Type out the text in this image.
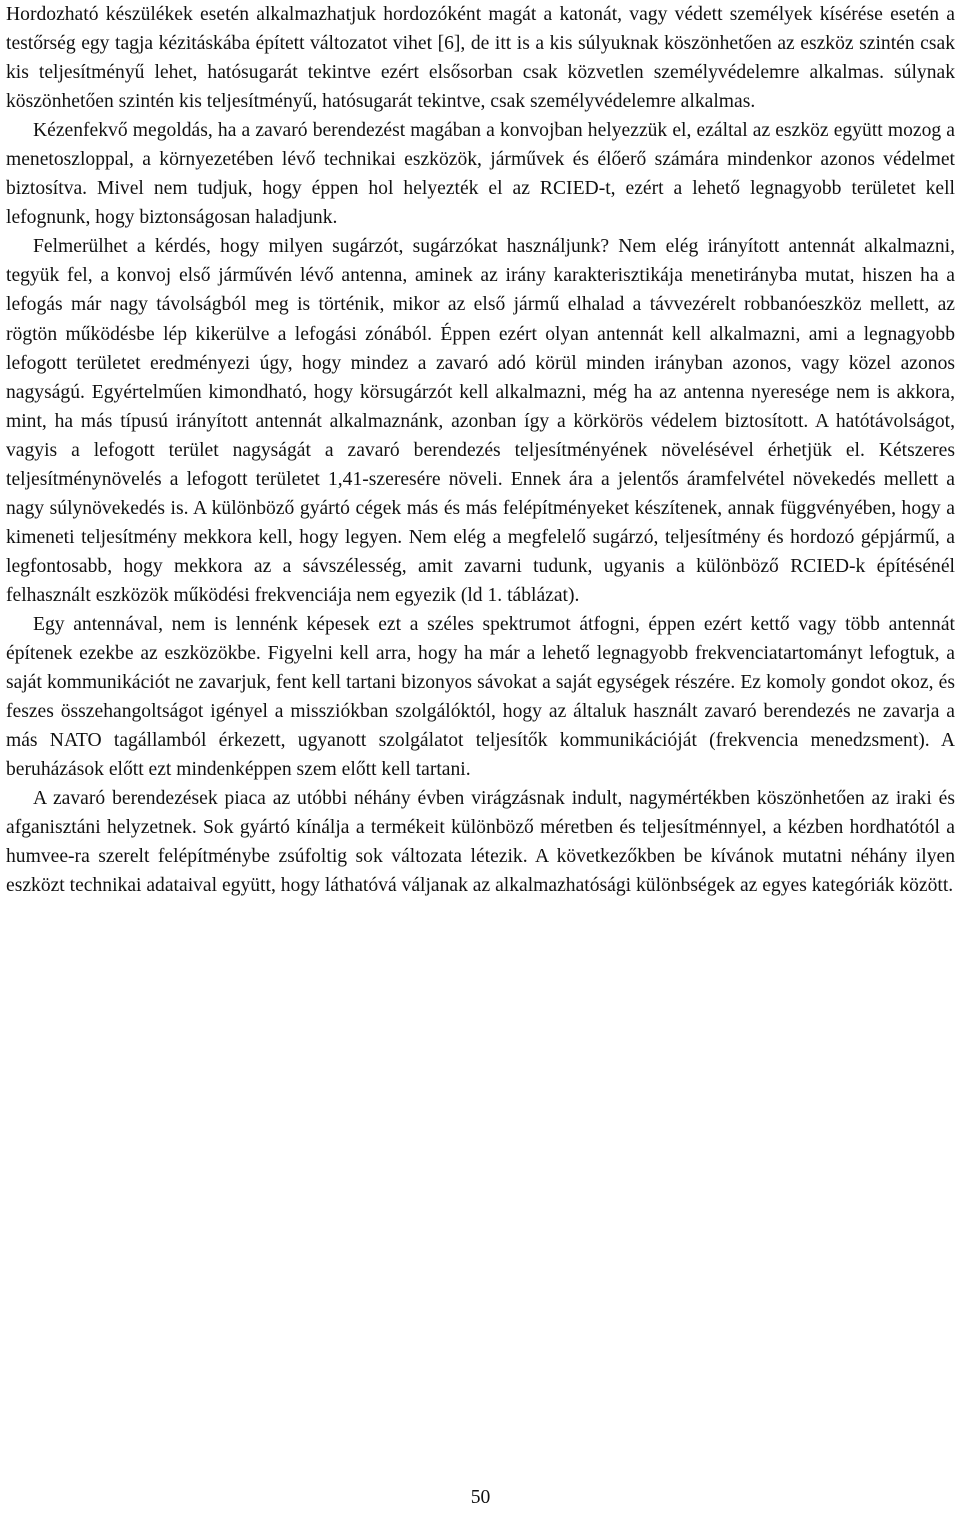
Hordozható készülékek esetén alkalmazhatjuk hordozóként magát a katonát, vagy védett személyek kísérése esetén a testőrség egy tagja kézitáskába épített változatot vihet [6], de itt is a kis súlyuknak köszönhetően az eszköz szintén csak kis teljesítményű lehet, hatósugarát tekintve ezért elsősorban csak közvetlen személyvédelemre alkalmas. súlynak köszönhetően szintén kis teljesítményű, hatósugarát tekintve, csak személyvédelemre alkalmas.

Kézenfekvő megoldás, ha a zavaró berendezést magában a konvojban helyezzük el, ezáltal az eszköz együtt mozog a menetoszloppal, a környezetében lévő technikai eszközök, járművek és élőerő számára mindenkor azonos védelmet biztosítva. Mivel nem tudjuk, hogy éppen hol helyezték el az RCIED-t, ezért a lehető legnagyobb területet kell lefognunk, hogy biztonságosan haladjunk.

Felmerülhet a kérdés, hogy milyen sugárzót, sugárzókat használjunk? Nem elég irányított antennát alkalmazni, tegyük fel, a konvoj első járművén lévő antenna, aminek az irány karakterisztikája menetirányba mutat, hiszen ha a lefogás már nagy távolságból meg is történik, mikor az első jármű elhalad a távvezérelt robbanóeszköz mellett, az rögtön működésbe lép kikerülve a lefogási zónából. Éppen ezért olyan antennát kell alkalmazni, ami a legnagyobb lefogott területet eredményezi úgy, hogy mindez a zavaró adó körül minden irányban azonos, vagy közel azonos nagyságú. Egyértelműen kimondható, hogy körsugárzót kell alkalmazni, még ha az antenna nyeresége nem is akkora, mint, ha más típusú irányított antennát alkalmaznánk, azonban így a körkörös védelem biztosított. A hatótávolságot, vagyis a lefogott terület nagyságát a zavaró berendezés teljesítményének növelésével érhetjük el. Kétszeres teljesítménynövelés a lefogott területet 1,41-szeresére növeli. Ennek ára a jelentős áramfelvétel növekedés mellett a nagy súlynövekedés is. A különböző gyártó cégek más és más felépítményeket készítenek, annak függvényében, hogy a kimeneti teljesítmény mekkora kell, hogy legyen. Nem elég a megfelelő sugárzó, teljesítmény és hordozó gépjármű, a legfontosabb, hogy mekkora az a sávszélesség, amit zavarni tudunk, ugyanis a különböző RCIED-k építésénél felhasznált eszközök működési frekvenciája nem egyezik (ld 1. táblázat).

Egy antennával, nem is lennénk képesek ezt a széles spektrumot átfogni, éppen ezért kettő vagy több antennát építenek ezekbe az eszközökbe. Figyelni kell arra, hogy ha már a lehető legnagyobb frekvenciatartományt lefogtuk, a saját kommunikációt ne zavarjuk, fent kell tartani bizonyos sávokat a saját egységek részére. Ez komoly gondot okoz, és feszes összehangoltságot igényel a missziókban szolgálóktól, hogy az általuk használt zavaró berendezés ne zavarja a más NATO tagállamból érkezett, ugyanott szolgálatot teljesítők kommunikációját (frekvencia menedzsment). A beruházások előtt ezt mindenképpen szem előtt kell tartani.

A zavaró berendezések piaca az utóbbi néhány évben virágzásnak indult, nagymértékben köszönhetően az iraki és afganisztáni helyzetnek. Sok gyártó kínálja a termékeit különböző méretben és teljesítménnyel, a kézben hordhatótól a humvee-ra szerelt felépítménybe zsúfoltig sok változata létezik. A következőkben be kívánok mutatni néhány ilyen eszközt technikai adataival együtt, hogy láthatóvá váljanak az alkalmazhatósági különbségek az egyes kategóriák között.

50
